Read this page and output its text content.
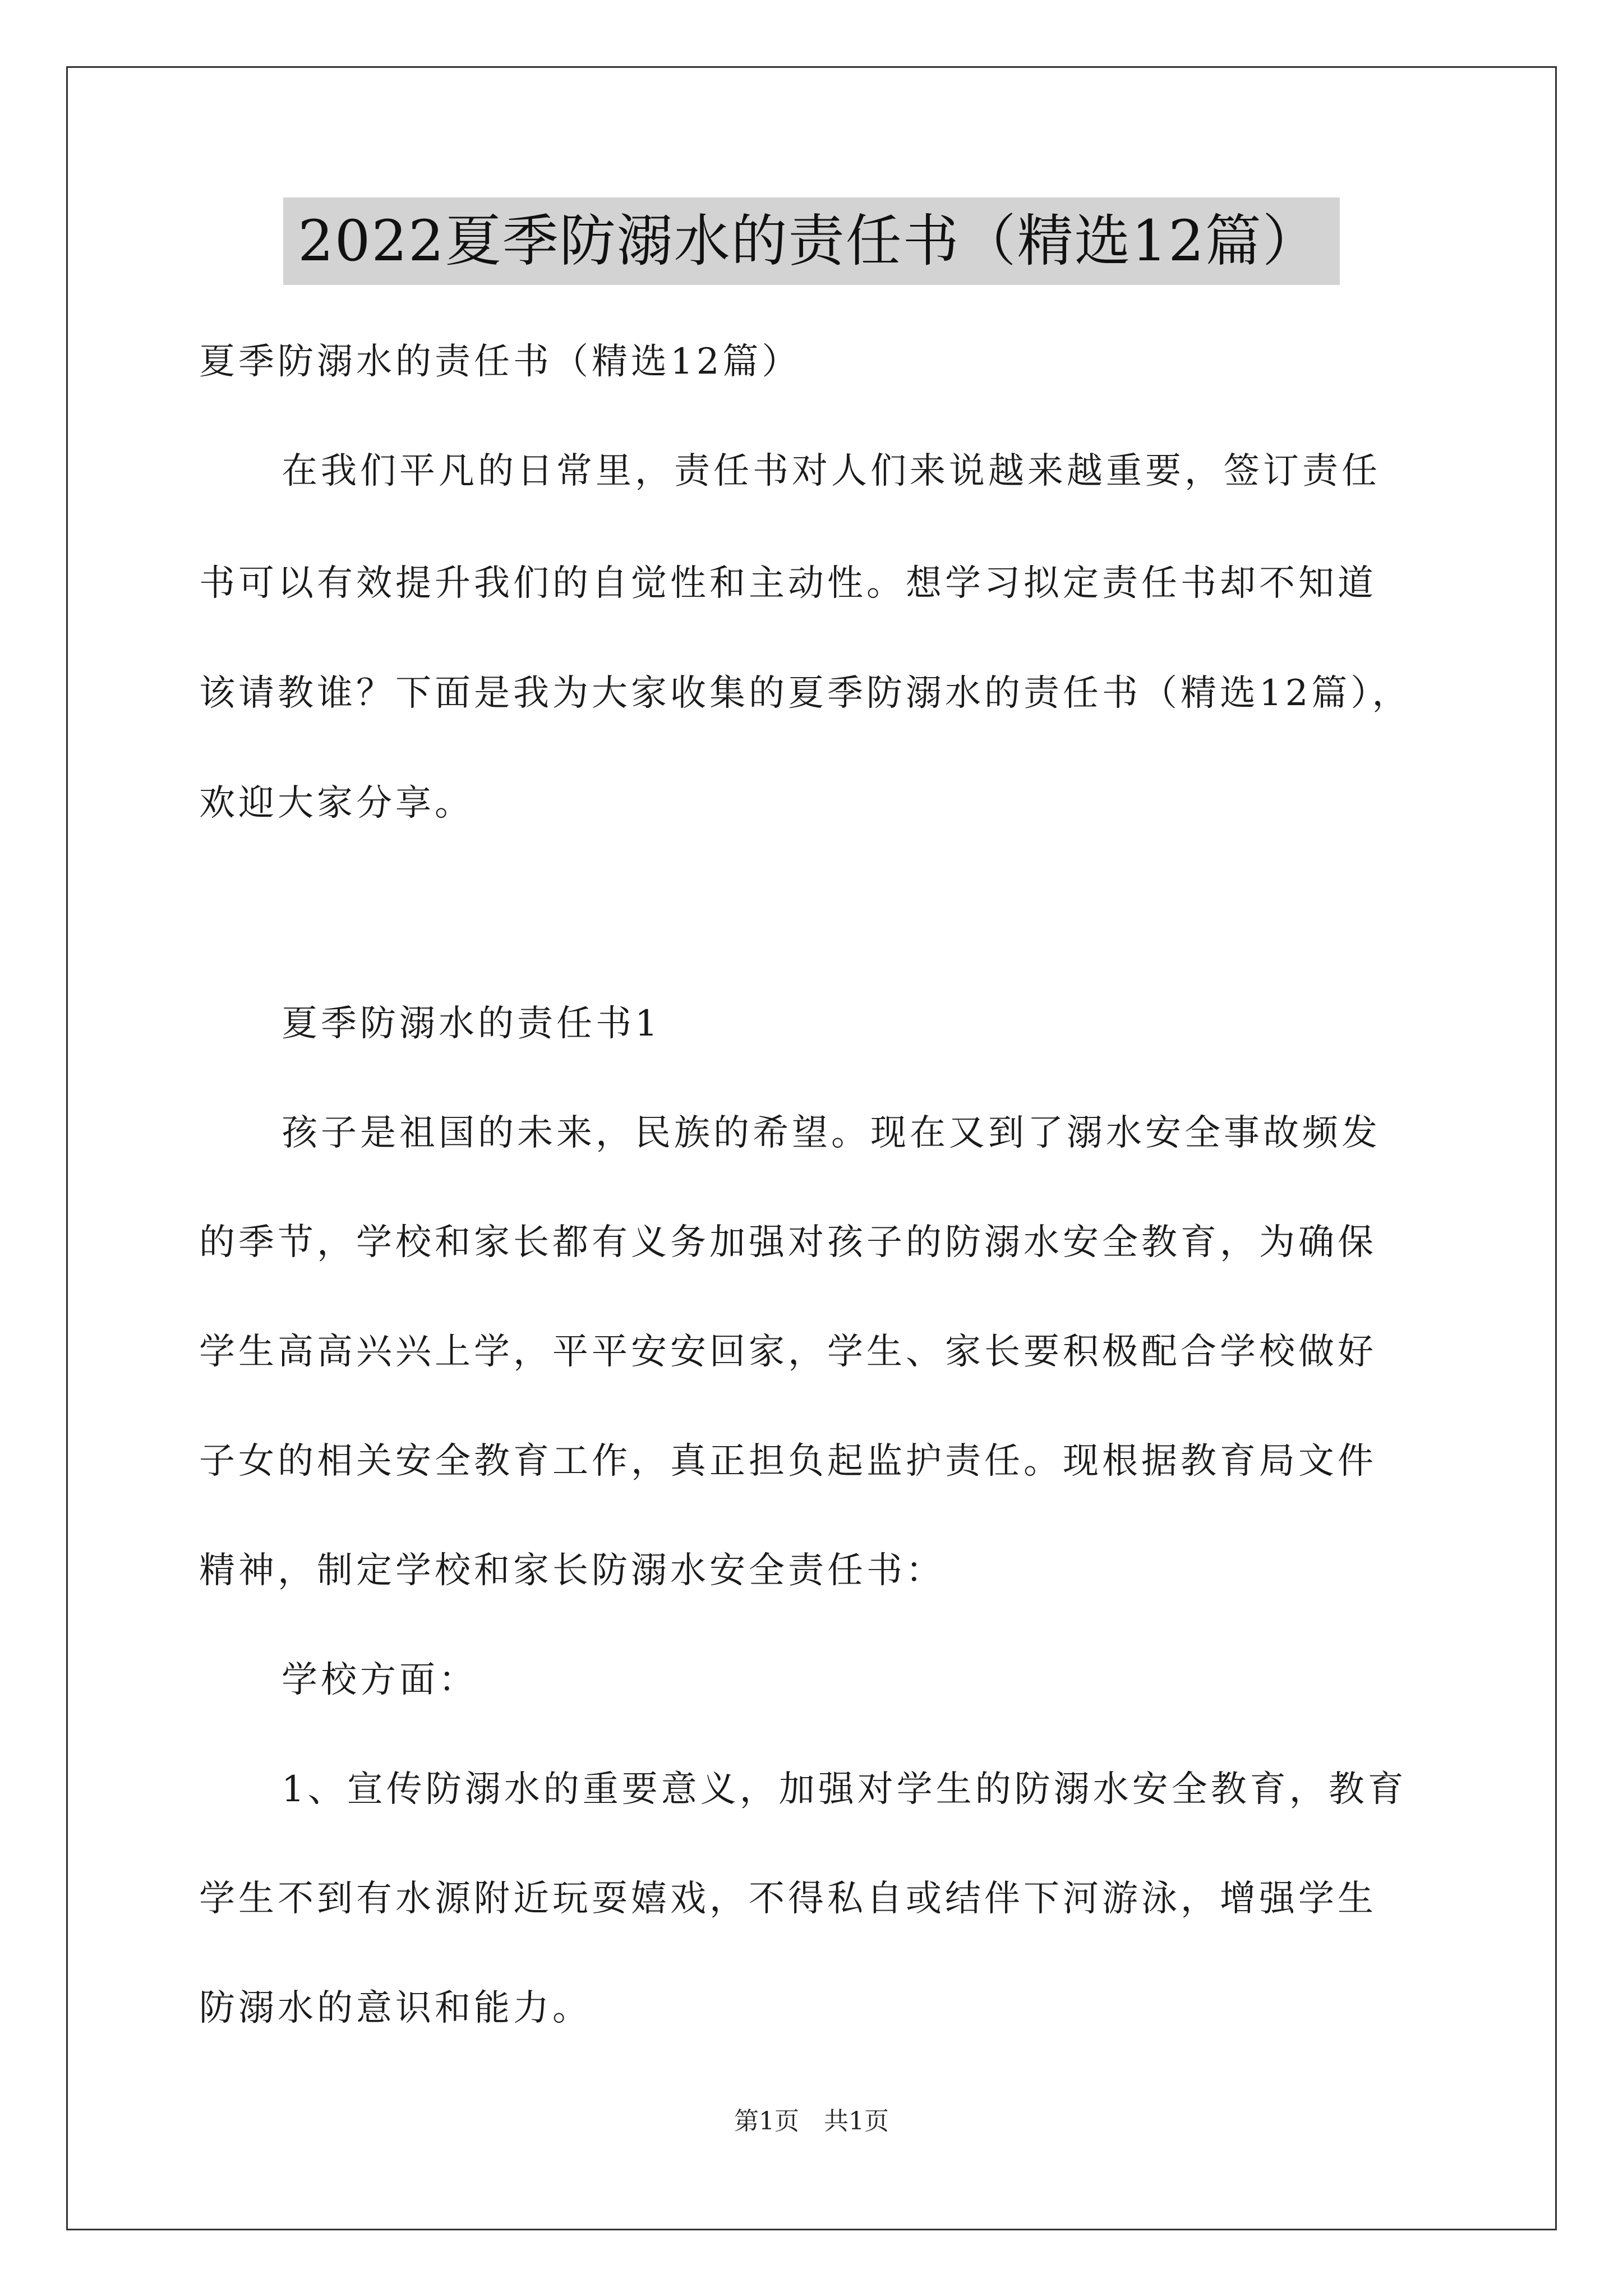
2022夏季防溺水的责任书（精选12篇）
夏季防溺水的责任书（精选12篇）
在我们平凡的日常里，责任书对人们来说越来越重要，签订责任
书可以有效提升我们的自觉性和主动性。想学习拟定责任书却不知道
该请教谁？下面是我为大家收集的夏季防溺水的责任书（精选12篇），
欢迎大家分享。
夏季防溺水的责任书1
孩子是祖国的未来，民族的希望。现在又到了溺水安全事故频发
的季节，学校和家长都有义务加强对孩子的防溺水安全教育，为确保
学生高高兴兴上学，平平安安回家，学生、家长要积极配合学校做好
子女的相关安全教育工作，真正担负起监护责任。现根据教育局文件
精神，制定学校和家长防溺水安全责任书：
学校方面：
1、宣传防溺水的重要意义，加强对学生的防溺水安全教育，教育
学生不到有水源附近玩耍嬉戏，不得私自或结伴下河游泳，增强学生
防溺水的意识和能力。
第1页　共1页
